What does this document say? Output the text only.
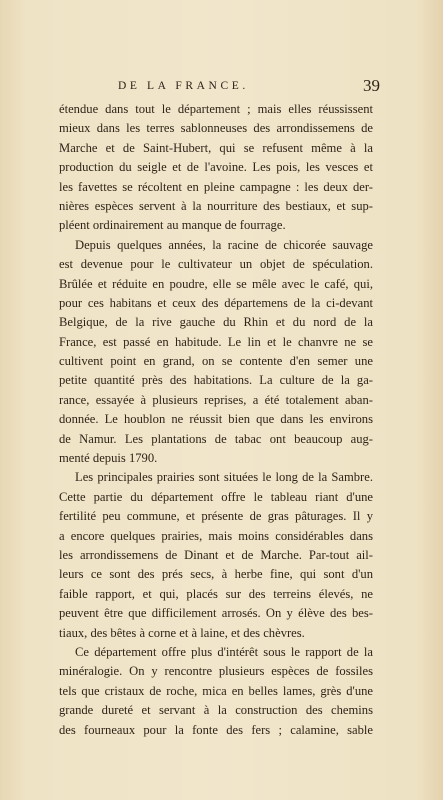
DE LA FRANCE.	39
étendue dans tout le département ; mais elles réussissent
mieux dans les terres sablonneuses des arrondissemens de
Marche et de Saint-Hubert, qui se refusent même à la
production du seigle et de l'avoine. Les pois, les vesces et
les favettes se récoltent en pleine campagne : les deux der-
nières espèces servent à la nourriture des bestiaux, et sup-
pléent ordinairement au manque de fourrage.
Depuis quelques années, la racine de chicorée sauvage
est devenue pour le cultivateur un objet de spéculation.
Brûlée et réduite en poudre, elle se mêle avec le café, qui,
pour ces habitans et ceux des départemens de la ci-devant
Belgique, de la rive gauche du Rhin et du nord de la
France, est passé en habitude. Le lin et le chanvre ne se
cultivent point en grand, on se contente d'en semer une
petite quantité près des habitations. La culture de la ga-
rance, essayée à plusieurs reprises, a été totalement aban-
donnée. Le houblon ne réussit bien que dans les environs
de Namur. Les plantations de tabac ont beaucoup aug-
menté depuis 1790.
Les principales prairies sont situées le long de la Sambre.
Cette partie du département offre le tableau riant d'une
fertilité peu commune, et présente de gras pâturages. Il y
a encore quelques prairies, mais moins considérables dans
les arrondissemens de Dinant et de Marche. Par-tout ail-
leurs ce sont des prés secs, à herbe fine, qui sont d'un
faible rapport, et qui, placés sur des terreins élevés, ne
peuvent être que difficilement arrosés. On y élève des bes-
tiaux, des bêtes à corne et à laine, et des chèvres.
Ce département offre plus d'intérêt sous le rapport de la
minéralogie. On y rencontre plusieurs espèces de fossiles
tels que cristaux de roche, mica en belles lames, grès d'une
grande dureté et servant à la construction des chemins
des fourneaux pour la fonte des fers ; calamine, sable
